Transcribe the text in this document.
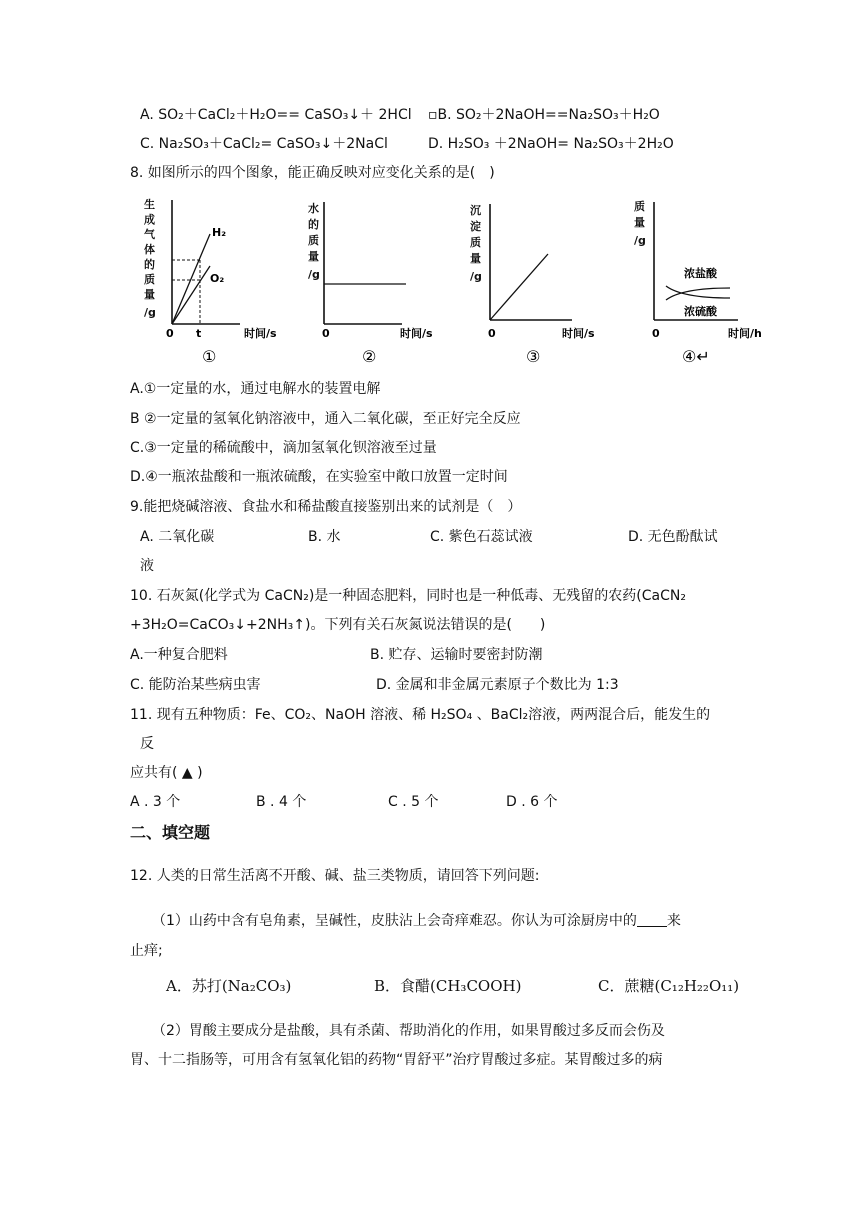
A. SO₂＋CaCl₂＋H₂O== CaSO₃↓＋ 2HCl ▫B. SO₂＋2NaOH==Na₂SO₃＋H₂O
C. Na₂SO₃＋CaCl₂= CaSO₃↓＋2NaCl	D. H₂SO₃ ＋2NaOH= Na₂SO₃＋2H₂O
8. 如图所示的四个图象，能正确反映对应变化关系的是(　)
生
成
气
体
的
质
量
/g
H₂
O₂
0 t	时间/s
①
水
的
质
量
/g
0	时间/s
②
沉
淀
质
量
/g
0	时间/s
③
质
量
/g
浓盐酸
浓硫酸
0	时间/h
④↵
A.①一定量的水，通过电解水的装置电解
B ②一定量的氢氧化钠溶液中，通入二氧化碳，至正好完全反应
C.③一定量的稀硫酸中，滴加氢氧化钡溶液至过量
D.④一瓶浓盐酸和一瓶浓硫酸，在实验室中敞口放置一定时间
9.能把烧碱溶液、食盐水和稀盐酸直接鉴别出来的试剂是（　）
A. 二氧化碳	B. 水	C. 紫色石蕊试液	D. 无色酚酞试
液
10. 石灰氮(化学式为 CaCN₂)是一种固态肥料，同时也是一种低毒、无残留的农药(CaCN₂
+3H₂O=CaCO₃↓+2NH₃↑)。下列有关石灰氮说法错误的是(　　)
A.一种复合肥料	B. 贮存、运输时要密封防潮
C. 能防治某些病虫害	D. 金属和非金属元素原子个数比为 1:3
11. 现有五种物质：Fe、CO₂、NaOH 溶液、稀 H₂SO₄ 、BaCl₂溶液，两两混合后，能发生的
反
应共有( ▲ )
A . 3 个	B . 4 个	C . 5 个	D . 6 个
二、填空题
12. 人类的日常生活离不开酸、碱、盐三类物质，请回答下列问题:
（1）山药中含有皂角素，呈碱性，皮肤沾上会奇痒难忍。你认为可涂厨房中的 来
止痒;
A．苏打(Na₂CO₃)	B．食醋(CH₃COOH)	C．蔗糖(C₁₂H₂₂O₁₁)
（2）胃酸主要成分是盐酸，具有杀菌、帮助消化的作用，如果胃酸过多反而会伤及
胃、十二指肠等，可用含有氢氧化铝的药物“胃舒平”治疗胃酸过多症。某胃酸过多的病
